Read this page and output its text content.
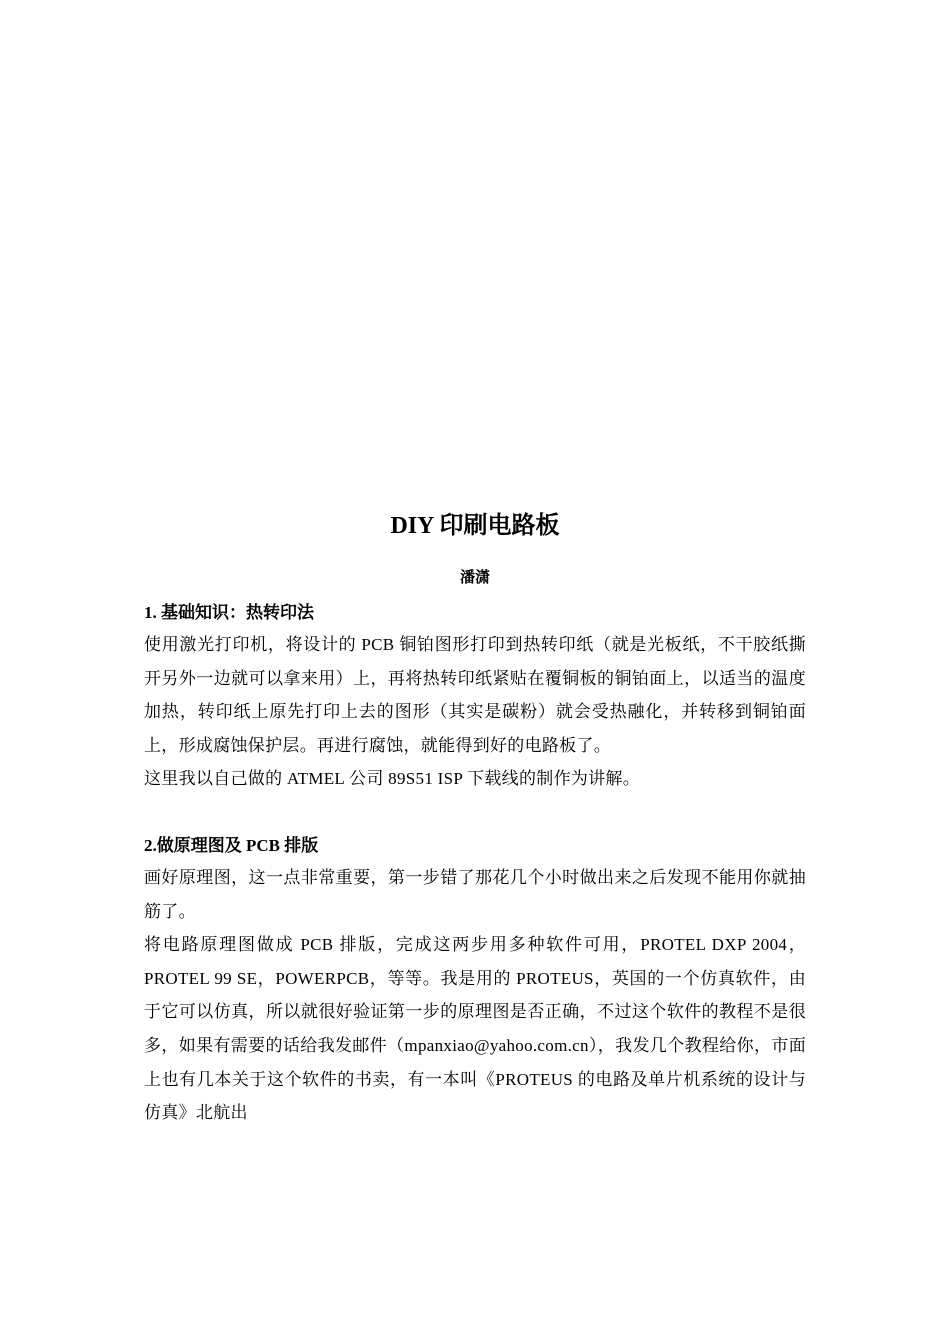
DIY 印刷电路板
潘潇
1. 基础知识：热转印法

使用激光打印机，将设计的 PCB 铜铂图形打印到热转印纸（就是光板纸，不干胶纸撕开另外一边就可以拿来用）上，再将热转印纸紧贴在覆铜板的铜铂面上，以适当的温度加热，转印纸上原先打印上去的图形（其实是碳粉）就会受热融化，并转移到铜铂面上，形成腐蚀保护层。再进行腐蚀，就能得到好的电路板了。

这里我以自己做的 ATMEL 公司 89S51 ISP 下载线的制作为讲解。

2.做原理图及 PCB 排版

画好原理图，这一点非常重要，第一步错了那花几个小时做出来之后发现不能用你就抽筋了。

将电路原理图做成 PCB 排版，完成这两步用多种软件可用，PROTEL DXP 2004，PROTEL 99 SE，POWERPCB，等等。我是用的 PROTEUS，英国的一个仿真软件，由于它可以仿真，所以就很好验证第一步的原理图是否正确，不过这个软件的教程不是很多，如果有需要的话给我发邮件（mpanxiao@yahoo.com.cn），我发几个教程给你，市面上也有几本关于这个软件的书卖，有一本叫《PROTEUS 的电路及单片机系统的设计与仿真》北航出
